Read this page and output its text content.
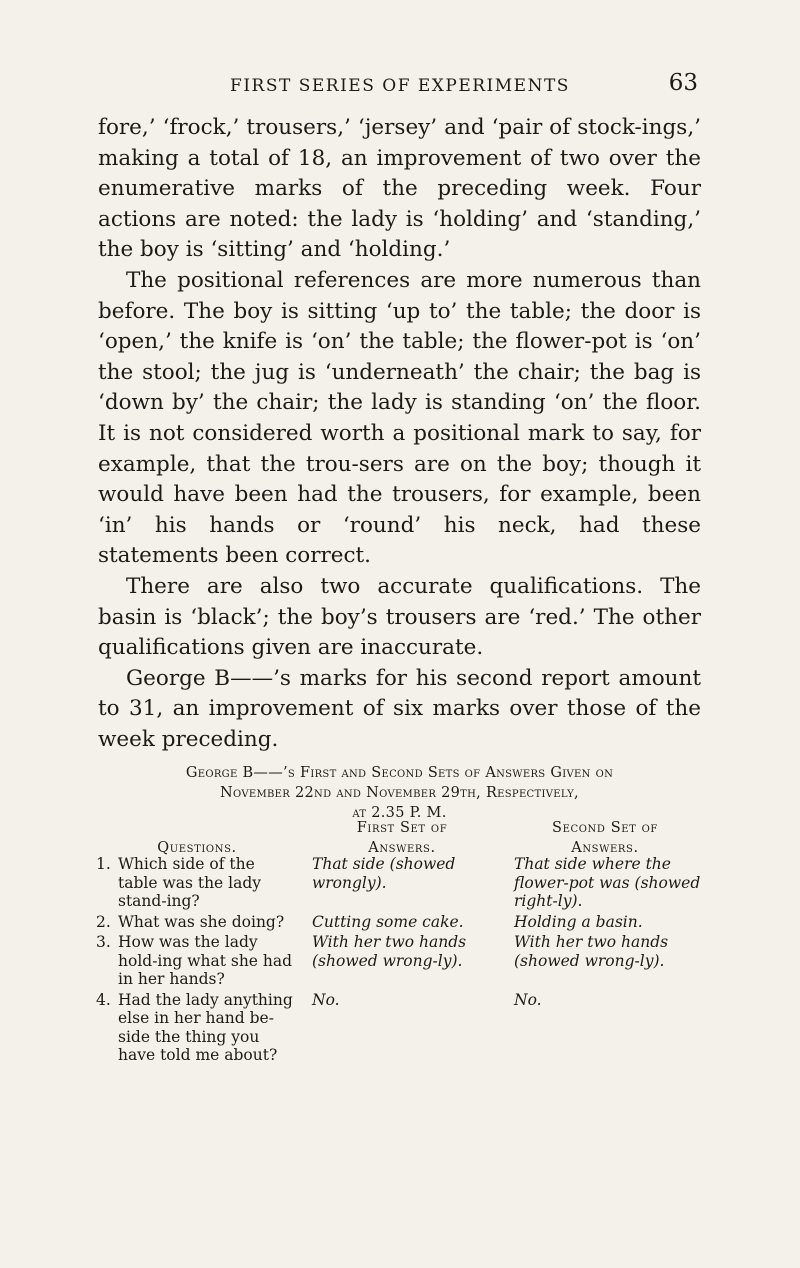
FIRST SERIES OF EXPERIMENTS	63

fore,’ ‘frock,’ trousers,’ ‘jersey’ and ‘pair of stock-ings,’ making a total of 18, an improvement of two over the enumerative marks of the preceding week. Four actions are noted: the lady is ‘holding’ and ‘standing,’ the boy is ‘sitting’ and ‘holding.’

The positional references are more numerous than before. The boy is sitting ‘up to’ the table; the door is ‘open,’ the knife is ‘on’ the table; the flower-pot is ‘on’ the stool; the jug is ‘underneath’ the chair; the bag is ‘down by’ the chair; the lady is standing ‘on’ the floor. It is not considered worth a positional mark to say, for example, that the trou-sers are on the boy; though it would have been had the trousers, for example, been ‘in’ his hands or ‘round’ his neck, had these statements been correct.

There are also two accurate qualifications. The basin is ‘black’; the boy’s trousers are ‘red.’ The other qualifications given are inaccurate.

George B——’s marks for his second report amount to 31, an improvement of six marks over those of the week preceding.

George B——’s First and Second Sets of Answers Given on
November 22nd and November 29th, Respectively,
at 2.35 P. M.
Questions.
First Set of
Answers.
Second Set of
Answers.
1.	Which side of the table was the lady stand-ing?	That side (showed wrongly).	That side where the flower-pot was (showed right-ly).
2.	What was she doing?	Cutting some cake.	Holding a basin.
3.	How was the lady hold-ing what she had in her hands?	With her two hands (showed wrong-ly).	With her two hands (showed wrong-ly).
4.	Had the lady anything else in her hand be-side the thing you have told me about?	No.	No.
